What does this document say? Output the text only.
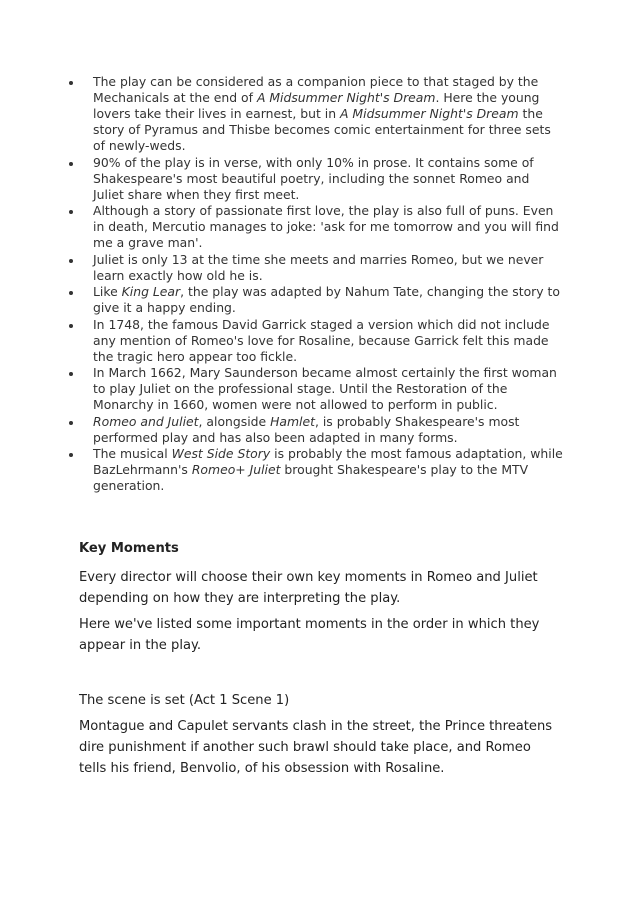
The play can be considered as a companion piece to that staged by the Mechanicals at the end of A Midsummer Night's Dream. Here the young lovers take their lives in earnest, but in A Midsummer Night's Dream the story of Pyramus and Thisbe becomes comic entertainment for three sets of newly-weds.
90% of the play is in verse, with only 10% in prose. It contains some of Shakespeare's most beautiful poetry, including the sonnet Romeo and Juliet share when they first meet.
Although a story of passionate first love, the play is also full of puns. Even in death, Mercutio manages to joke: 'ask for me tomorrow and you will find me a grave man'.
Juliet is only 13 at the time she meets and marries Romeo, but we never learn exactly how old he is.
Like King Lear, the play was adapted by Nahum Tate, changing the story to give it a happy ending.
In 1748, the famous David Garrick staged a version which did not include any mention of Romeo's love for Rosaline, because Garrick felt this made the tragic hero appear too fickle.
In March 1662, Mary Saunderson became almost certainly the first woman to play Juliet on the professional stage. Until the Restoration of the Monarchy in 1660, women were not allowed to perform in public.
Romeo and Juliet, alongside Hamlet, is probably Shakespeare's most performed play and has also been adapted in many forms.
The musical West Side Story is probably the most famous adaptation, while BazLehrmann's Romeo+ Juliet brought Shakespeare's play to the MTV generation.

Key Moments

Every director will choose their own key moments in Romeo and Juliet depending on how they are interpreting the play.

Here we've listed some important moments in the order in which they appear in the play.

The scene is set (Act 1 Scene 1)

Montague and Capulet servants clash in the street, the Prince threatens dire punishment if another such brawl should take place, and Romeo tells his friend, Benvolio, of his obsession with Rosaline.
